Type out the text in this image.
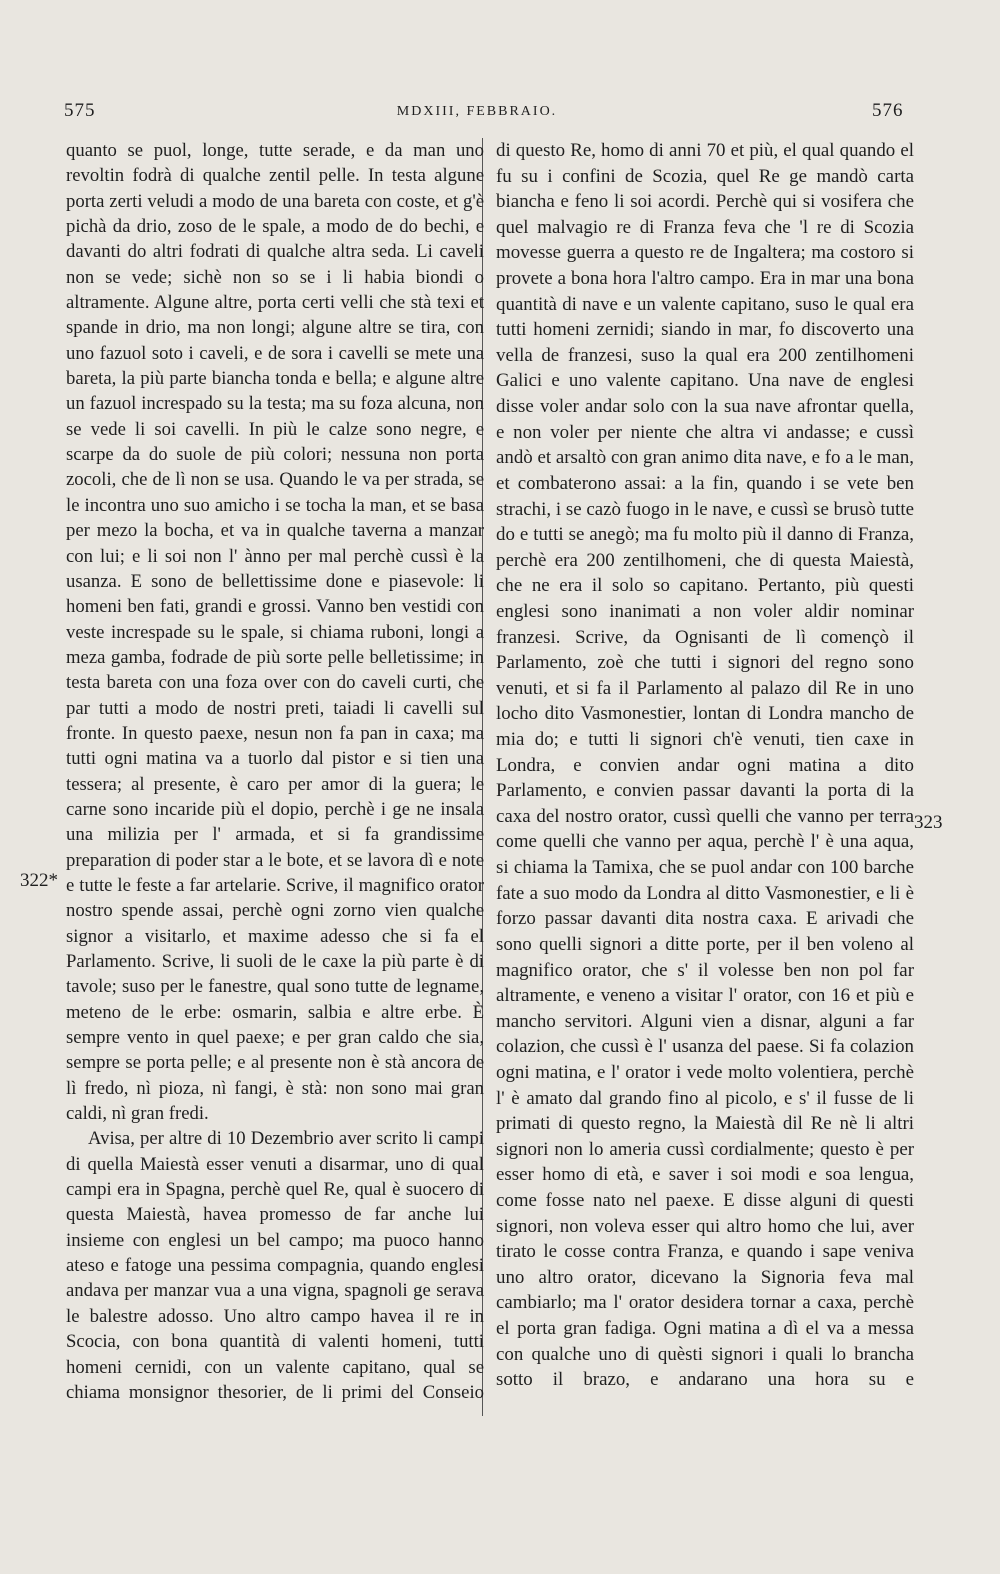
575	MDXIII, FEBBRAIO.	576
322*
323

quanto se puol, longe, tutte serade, e da man uno revoltin fodrà di qualche zentil pelle. In testa algune porta zerti veludi a modo de una bareta con coste, et g'è pichà da drio, zoso de le spale, a modo de do bechi, e davanti do altri fodrati di qualche altra seda. Li caveli non se vede; sichè non so se i li habia biondi o altramente. Algune altre, porta certi velli che stà texi et spande in drio, ma non longi; algune altre se tira, con uno fazuol soto i caveli, e de sora i cavelli se mete una bareta, la più parte biancha tonda e bella; e algune altre un fazuol increspado su la testa; ma su foza alcuna, non se vede li soi cavelli. In più le calze sono negre, e scarpe da do suole de più colori; nessuna non porta zocoli, che de lì non se usa. Quando le va per strada, se le incontra uno suo amicho i se tocha la man, et se basa per mezo la bocha, et va in qualche taverna a manzar con lui; e li soi non l' ànno per mal perchè cussì è la usanza. E sono de bellettissime done e piasevole: li homeni ben fati, grandi e grossi. Vanno ben vestidi con veste increspade su le spale, si chiama ruboni, longi a meza gamba, fodrade de più sorte pelle belletissime; in testa bareta con una foza over con do caveli curti, che par tutti a modo de nostri preti, taiadi li cavelli sul fronte. In questo paexe, nesun non fa pan in caxa; ma tutti ogni matina va a tuorlo dal pistor e si tien una tessera; al presente, è caro per amor di la guera; le carne sono incaride più el dopio, perchè i ge ne insala una milizia per l' armada, et si fa grandissime preparation di poder star a le bote, et se lavora dì e note e tutte le feste a far artelarie. Scrive, il magnifico orator nostro spende assai, perchè ogni zorno vien qualche signor a visitarlo, et maxime adesso che si fa el Parlamento. Scrive, li suoli de le caxe la più parte è di tavole; suso per le fanestre, qual sono tutte de legname, meteno de le erbe: osmarin, salbia e altre erbe. È sempre vento in quel paexe; e per gran caldo che sia, sempre se porta pelle; e al presente non è stà ancora de lì fredo, nì pioza, nì fangi, è stà: non sono mai gran caldi, nì gran fredi.

Avisa, per altre di 10 Dezembrio aver scrito li campi di quella Maiestà esser venuti a disarmar, uno di qual campi era in Spagna, perchè quel Re, qual è suocero di questa Maiestà, havea promesso de far anche lui insieme con englesi un bel campo; ma puoco hanno ateso e fatoge una pessima compagnia, quando englesi andava per manzar vua a una vigna, spagnoli ge serava le balestre adosso. Uno altro campo havea il re in Scocia, con bona quantità di valenti homeni, tutti homeni cernidi, con un valente capitano, qual se chiama monsignor thesorier, de li primi del Conseio

di questo Re, homo di anni 70 et più, el qual quando el fu su i confini de Scozia, quel Re ge mandò carta biancha e feno li soi acordi. Perchè qui si vosifera che quel malvagio re di Franza feva che 'l re di Scozia movesse guerra a questo re de Ingaltera; ma costoro si provete a bona hora l'altro campo. Era in mar una bona quantità di nave e un valente capitano, suso le qual era tutti homeni zernidi; siando in mar, fo discoverto una vella de franzesi, suso la qual era 200 zentilhomeni Galici e uno valente capitano. Una nave de englesi disse voler andar solo con la sua nave afrontar quella, e non voler per niente che altra vi andasse; e cussì andò et arsaltò con gran animo dita nave, e fo a le man, et combaterono assai: a la fin, quando i se vete ben strachi, i se cazò fuogo in le nave, e cussì se brusò tutte do e tutti se anegò; ma fu molto più il danno di Franza, perchè era 200 zentilhomeni, che di questa Maiestà, che ne era il solo so capitano. Pertanto, più questi englesi sono inanimati a non voler aldir nominar franzesi. Scrive, da Ognisanti de lì començò il Parlamento, zoè che tutti i signori del regno sono venuti, et si fa il Parlamento al palazo dil Re in uno locho dito Vasmonestier, lontan di Londra mancho de mia do; e tutti li signori ch'è venuti, tien caxe in Londra, e convien andar ogni matina a dito Parlamento, e convien passar davanti la porta di la caxa del nostro orator, cussì quelli che vanno per terra come quelli che vanno per aqua, perchè l' è una aqua, si chiama la Tamixa, che se puol andar con 100 barche fate a suo modo da Londra al ditto Vasmonestier, e li è forzo passar davanti dita nostra caxa. E arivadi che sono quelli signori a ditte porte, per il ben voleno al magnifico orator, che s' il volesse ben non pol far altramente, e veneno a visitar l' orator, con 16 et più e mancho servitori. Alguni vien a disnar, alguni a far colazion, che cussì è l' usanza del paese. Si fa colazion ogni matina, e l' orator i vede molto volentiera, perchè l' è amato dal grando fino al picolo, e s' il fusse de li primati di questo regno, la Maiestà dil Re nè li altri signori non lo ameria cussì cordialmente; questo è per esser homo di età, e saver i soi modi e soa lengua, come fosse nato nel paexe. E disse alguni di questi signori, non voleva esser qui altro homo che lui, aver tirato le cosse contra Franza, e quando i sape veniva uno altro orator, dicevano la Signoria feva mal cambiarlo; ma l' orator desidera tornar a caxa, perchè el porta gran fadiga. Ogni matina a dì el va a messa con qualche uno di quèsti signori i quali lo brancha sotto il brazo, e andarano una hora su e
